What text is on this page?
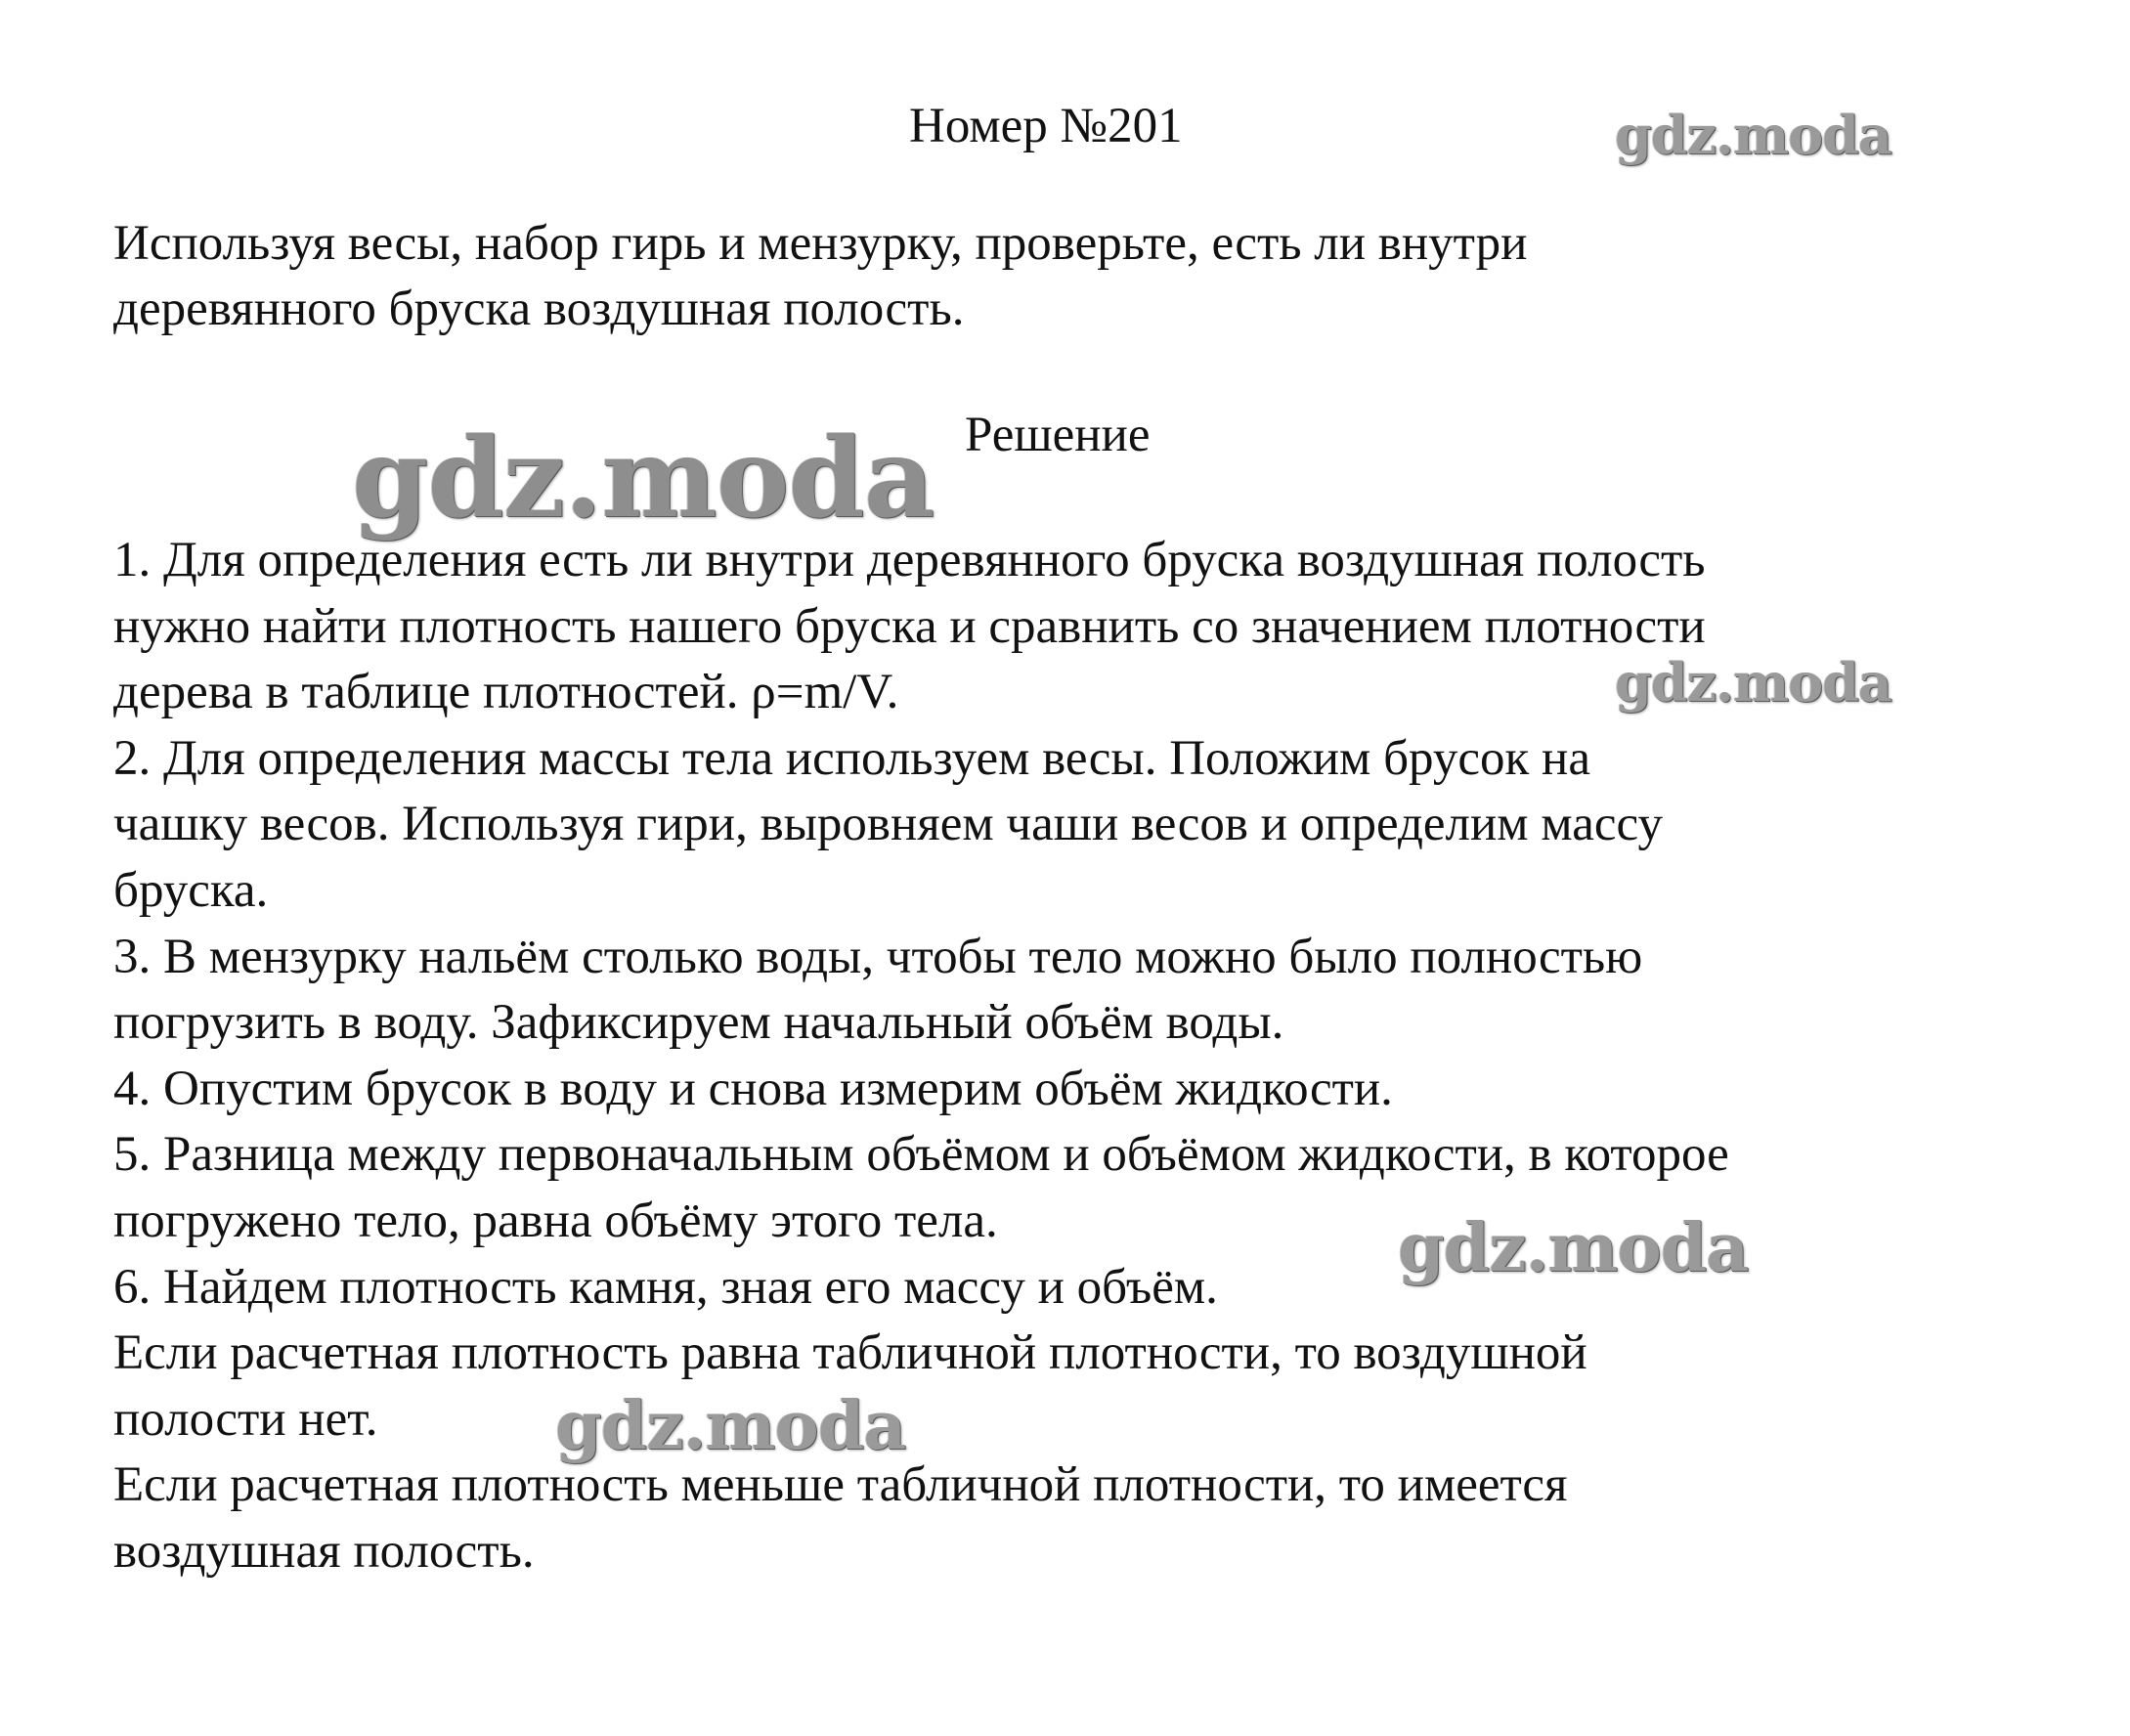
Номер №201
Используя весы, набор гирь и мензурку, проверьте, есть ли внутри
деревянного бруска воздушная полость.
Решение
1. Для определения есть ли внутри деревянного бруска воздушная полость
нужно найти плотность нашего бруска и сравнить со значением плотности
дерева в таблице плотностей. ρ=m/V.
2. Для определения массы тела используем весы. Положим брусок на
чашку весов. Используя гири, выровняем чаши весов и определим массу
бруска.
3. В мензурку нальём столько воды, чтобы тело можно было полностью
погрузить в воду. Зафиксируем начальный объём воды.
4. Опустим брусок в воду и снова измерим объём жидкости.
5. Разница между первоначальным объёмом и объёмом жидкости, в которое
погружено тело, равна объёму этого тела.
6. Найдем плотность камня, зная его массу и объём.
Если расчетная плотность равна табличной плотности, то воздушной
полости нет.
Если расчетная плотность меньше табличной плотности, то имеется
воздушная полость.
gdz.moda
gdz.moda
gdz.moda
gdz.moda
gdz.moda
